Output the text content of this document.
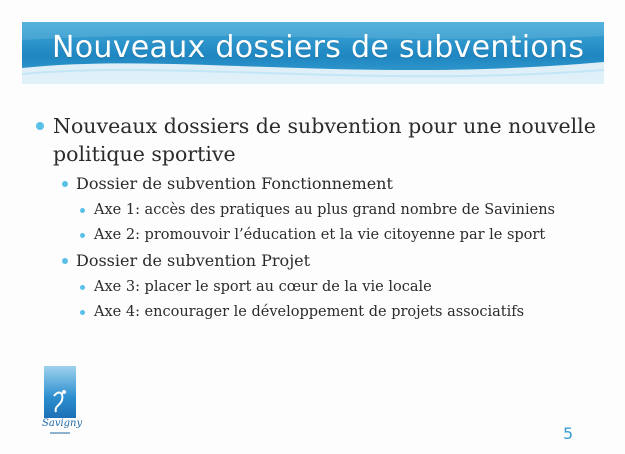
Nouveaux dossiers de subventions
Nouveaux dossiers de subvention pour une nouvelle politique sportive
Dossier de subvention Fonctionnement
Axe 1: accès des pratiques au plus grand nombre de Saviniens
Axe 2: promouvoir l’éducation et la vie citoyenne par le sport
Dossier de subvention Projet
Axe 3: placer le sport au cœur de la vie locale
Axe 4: encourager le développement de projets associatifs
Savigny
5
